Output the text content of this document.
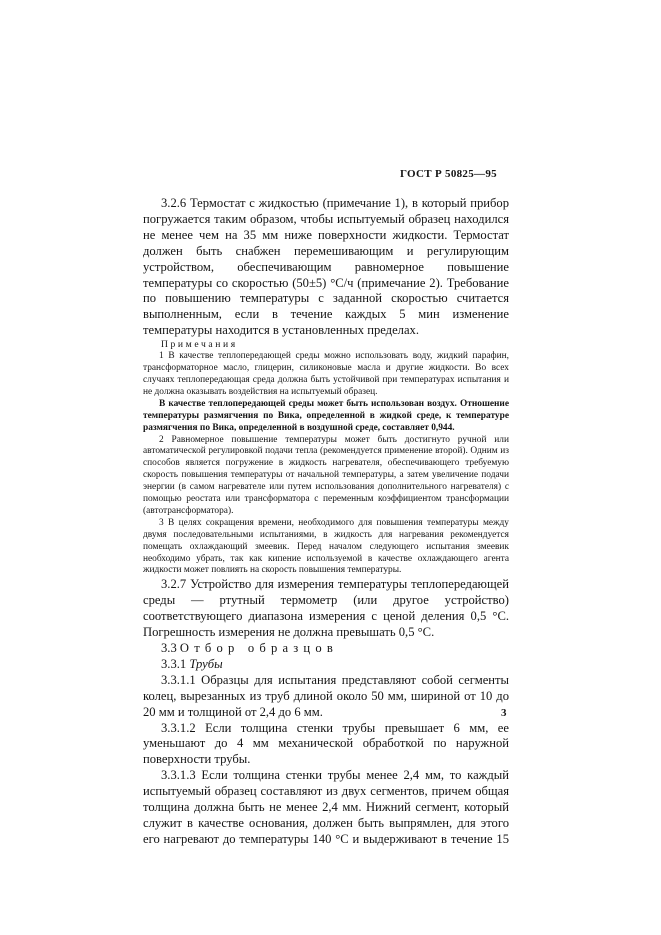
ГОСТ Р 50825—95

3.2.6 Термостат с жидкостью (примечание 1), в который прибор погружается таким образом, чтобы испытуемый образец находился не менее чем на 35 мм ниже поверхности жидкости. Термостат должен быть снабжен перемешивающим и регулирующим устройством, обеспечивающим равномерное повышение температуры со скоростью (50±5) °С/ч (примечание 2). Требование по повышению температуры с заданной скоростью считается выполненным, если в течение каждых 5 мин изменение температуры находится в установленных пределах.

Примечания

1 В качестве теплопередающей среды можно использовать воду, жидкий парафин, трансформаторное масло, глицерин, силиконовые масла и другие жидкости. Во всех случаях теплопередающая среда должна быть устойчивой при температурах испытания и не должна оказывать воздействия на испытуемый образец.

В качестве теплопередающей среды может быть использован воздух. Отношение температуры размягчения по Вика, определенной в жидкой среде, к температуре размягчения по Вика, определенной в воздушной среде, составляет 0,944.

2 Равномерное повышение температуры может быть достигнуто ручной или автоматической регулировкой подачи тепла (рекомендуется применение второй). Одним из способов является погружение в жидкость нагревателя, обеспечивающего требуемую скорость повышения температуры от начальной температуры, а затем увеличение подачи энергии (в самом нагревателе или путем использования дополнительного нагревателя) с помощью реостата или трансформатора с переменным коэффициентом трансформации (автотрансформатора).

3 В целях сокращения времени, необходимого для повышения температуры между двумя последовательными испытаниями, в жидкость для нагревания рекомендуется помещать охлаждающий змеевик. Перед началом следующего испытания змеевик необходимо убрать, так как кипение используемой в качестве охлаждающего агента жидкости может повлиять на скорость повышения температуры.

3.2.7 Устройство для измерения температуры теплопередающей среды — ртутный термометр (или другое устройство) соответствующего диапазона измерения с ценой деления 0,5 °С. Погрешность измерения не должна превышать 0,5 °С.

3.3 Отбор образцов

3.3.1 Трубы

3.3.1.1 Образцы для испытания представляют собой сегменты колец, вырезанных из труб длиной около 50 мм, шириной от 10 до 20 мм и толщиной от 2,4 до 6 мм.

3.3.1.2 Если толщина стенки трубы превышает 6 мм, ее уменьшают до 4 мм механической обработкой по наружной поверхности трубы.

3.3.1.3 Если толщина стенки трубы менее 2,4 мм, то каждый испытуемый образец составляют из двух сегментов, причем общая толщина должна быть не менее 2,4 мм. Нижний сегмент, который служит в качестве основания, должен быть выпрямлен, для этого его нагревают до температуры 140 °С и выдерживают в течение 15

3
